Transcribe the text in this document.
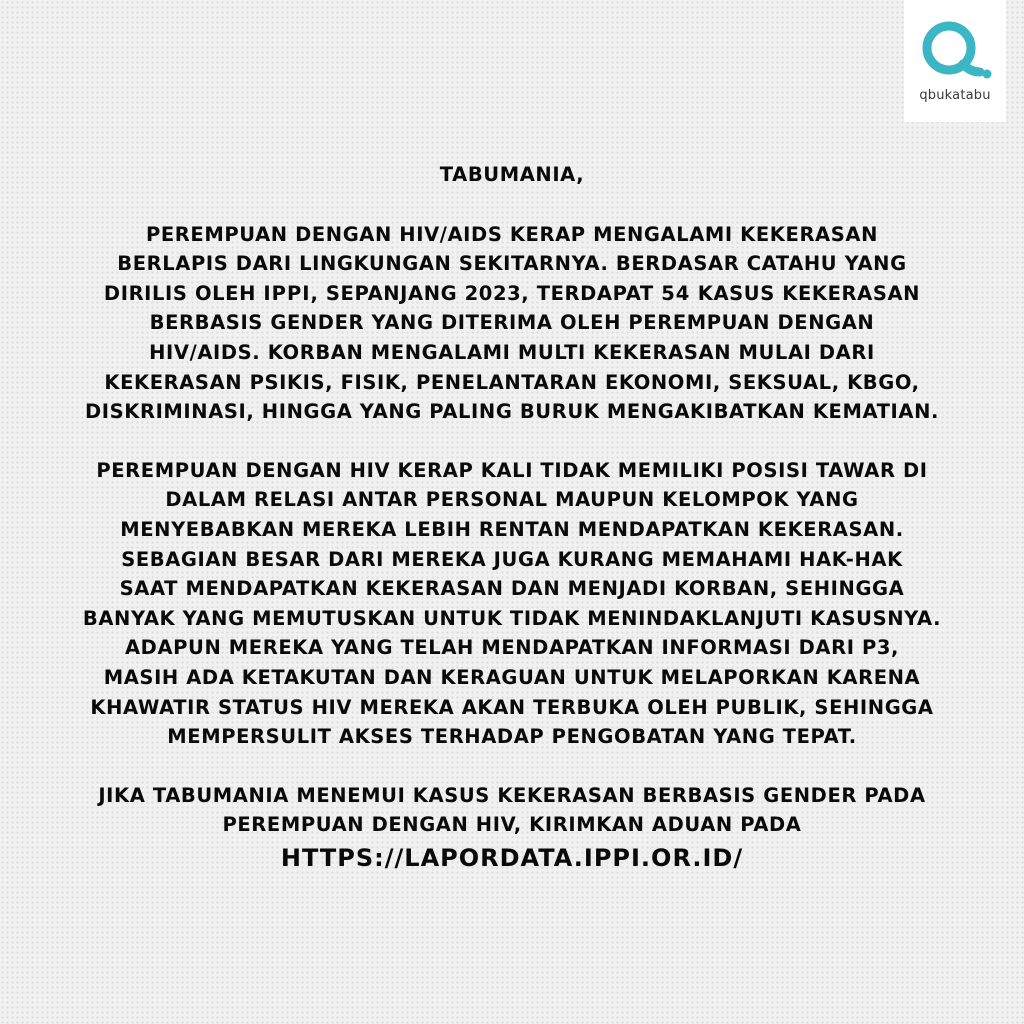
qbukatabu

TABUMANIA,

PEREMPUAN DENGAN HIV/AIDS KERAP MENGALAMI KEKERASAN
BERLAPIS DARI LINGKUNGAN SEKITARNYA. BERDASAR CATAHU YANG
DIRILIS OLEH IPPI, SEPANJANG 2023, TERDAPAT 54 KASUS KEKERASAN
BERBASIS GENDER YANG DITERIMA OLEH PEREMPUAN DENGAN
HIV/AIDS. KORBAN MENGALAMI MULTI KEKERASAN MULAI DARI
KEKERASAN PSIKIS, FISIK, PENELANTARAN EKONOMI, SEKSUAL, KBGO,
DISKRIMINASI, HINGGA YANG PALING BURUK MENGAKIBATKAN KEMATIAN.

PEREMPUAN DENGAN HIV KERAP KALI TIDAK MEMILIKI POSISI TAWAR DI
DALAM RELASI ANTAR PERSONAL MAUPUN KELOMPOK YANG
MENYEBABKAN MEREKA LEBIH RENTAN MENDAPATKAN KEKERASAN.
SEBAGIAN BESAR DARI MEREKA JUGA KURANG MEMAHAMI HAK-HAK
SAAT MENDAPATKAN KEKERASAN DAN MENJADI KORBAN, SEHINGGA
BANYAK YANG MEMUTUSKAN UNTUK TIDAK MENINDAKLANJUTI KASUSNYA.
ADAPUN MEREKA YANG TELAH MENDAPATKAN INFORMASI DARI P3,
MASIH ADA KETAKUTAN DAN KERAGUAN UNTUK MELAPORKAN KARENA
KHAWATIR STATUS HIV MEREKA AKAN TERBUKA OLEH PUBLIK, SEHINGGA
MEMPERSULIT AKSES TERHADAP PENGOBATAN YANG TEPAT.

JIKA TABUMANIA MENEMUI KASUS KEKERASAN BERBASIS GENDER PADA
PEREMPUAN DENGAN HIV, KIRIMKAN ADUAN PADA
HTTPS://LAPORDATA.IPPI.OR.ID/
